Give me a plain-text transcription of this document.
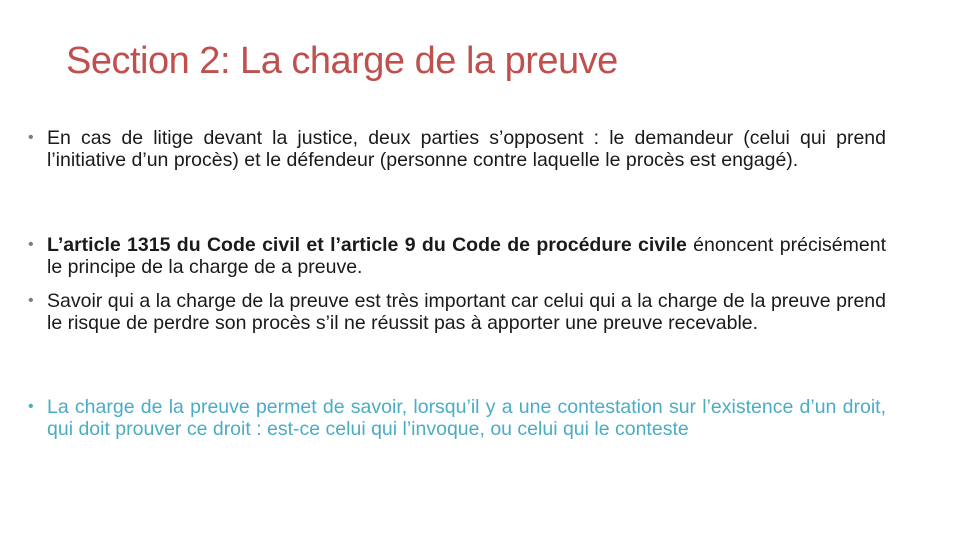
Section 2: La charge de la preuve
• En cas de litige devant la justice, deux parties s’opposent : le demandeur (celui qui prend l’initiative d’un procès) et le défendeur (personne contre laquelle le procès est engagé).
• L’article 1315 du Code civil et l’article 9 du Code de procédure civile énoncent précisément le principe de la charge de a preuve.
• Savoir qui a la charge de la preuve est très important car celui qui a la charge de la preuve prend le risque de perdre son procès s’il ne réussit pas à apporter une preuve recevable.
• La charge de la preuve permet de savoir, lorsqu’il y a une contestation sur l’existence d’un droit, qui doit prouver ce droit : est-ce celui qui l’invoque, ou celui qui le conteste
